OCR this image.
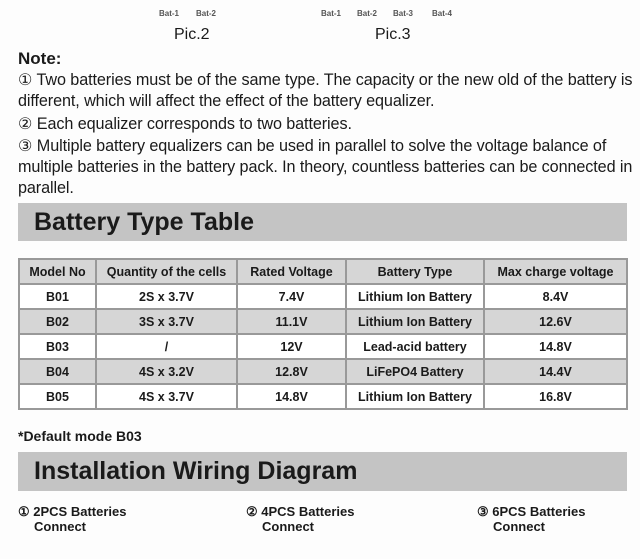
Bat-1 Bat-2
Pic.2
Bat-1 Bat-2 Bat-3 Bat-4
Pic.3
Note:
① Two batteries must be of the same type. The capacity or the new old of the battery is different, which will affect the effect of the battery equalizer.
② Each equalizer corresponds to two batteries.
③ Multiple battery equalizers can be used in parallel to solve the voltage balance of multiple batteries in the battery pack. In theory, countless batteries can be connected in parallel.
Battery Type Table
Model No	Quantity of the cells	Rated Voltage	Battery Type	Max charge voltage
B01	2S x 3.7V	7.4V	Lithium Ion Battery	8.4V
B02	3S x 3.7V	11.1V	Lithium Ion Battery	12.6V
B03	/	12V	Lead-acid battery	14.8V
B04	4S x 3.2V	12.8V	LiFePO4 Battery	14.4V
B05	4S x 3.7V	14.8V	Lithium Ion Battery	16.8V
*Default mode B03
Installation Wiring Diagram
① 2PCS Batteries
Connect
② 4PCS Batteries
Connect
③ 6PCS Batteries
Connect
